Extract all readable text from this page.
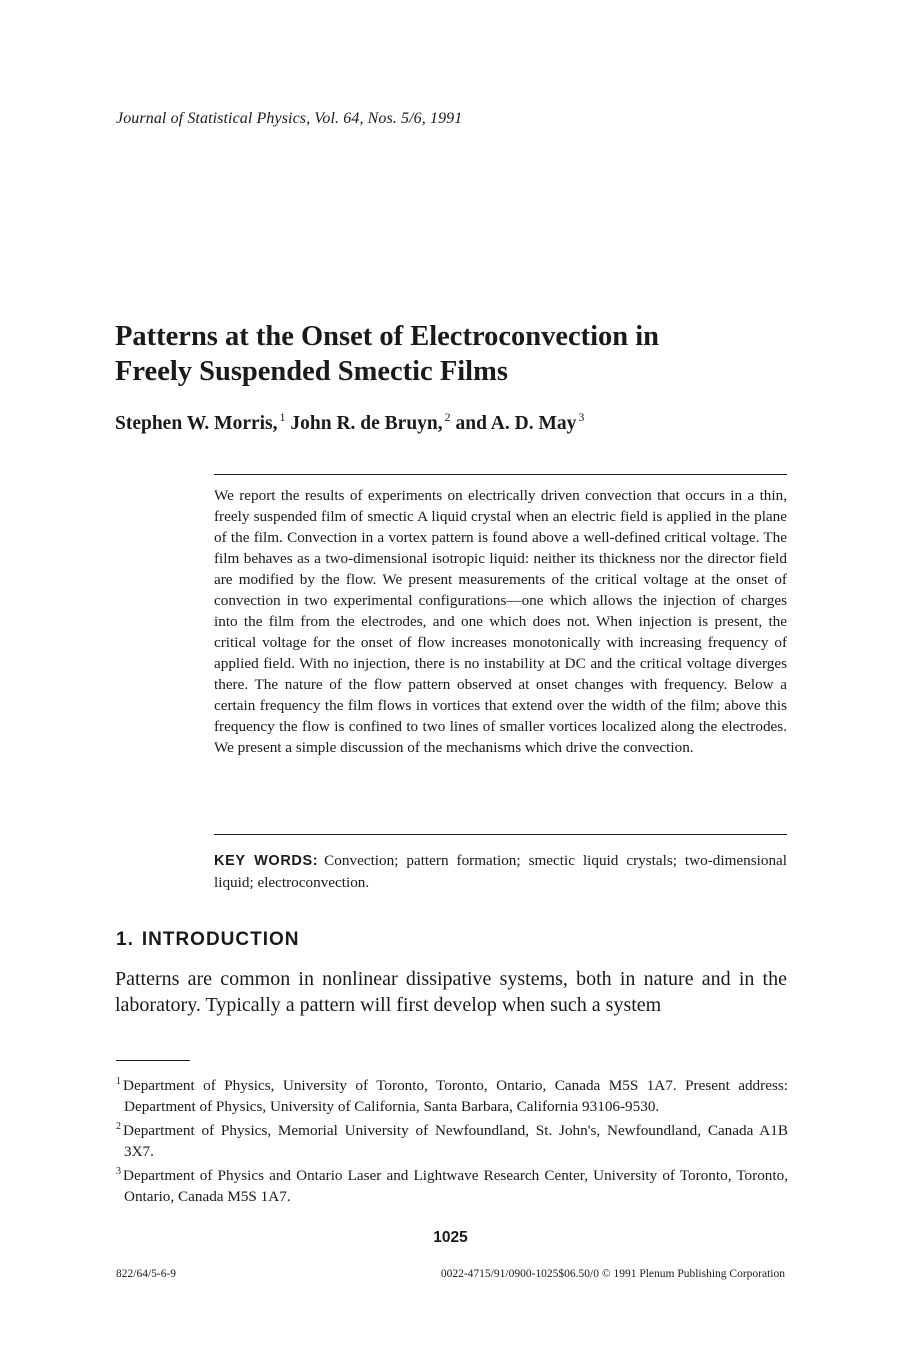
Journal of Statistical Physics, Vol. 64, Nos. 5/6, 1991
Patterns at the Onset of Electroconvection in
Freely Suspended Smectic Films
Stephen W. Morris, $^1$ John R. de Bruyn, $^2$ and A. D. May $^3$

We report the results of experiments on electrically driven convection that occurs in a thin, freely suspended film of smectic A liquid crystal when an electric field is applied in the plane of the film. Convection in a vortex pattern is found above a well-defined critical voltage. The film behaves as a two-dimensional isotropic liquid: neither its thickness nor the director field are modified by the flow. We present measurements of the critical voltage at the onset of convection in two experimental configurations—one which allows the injection of charges into the film from the electrodes, and one which does not. When injection is present, the critical voltage for the onset of flow increases monotonically with increasing frequency of applied field. With no injection, there is no instability at DC and the critical voltage diverges there. The nature of the flow pattern observed at onset changes with frequency. Below a certain frequency the film flows in vortices that extend over the width of the film; above this frequency the flow is confined to two lines of smaller vortices localized along the electrodes. We present a simple discussion of the mechanisms which drive the convection.

KEY WORDS: Convection; pattern formation; smectic liquid crystals; two-dimensional liquid; electroconvection.

1. INTRODUCTION

Patterns are common in nonlinear dissipative systems, both in nature and in the laboratory. Typically a pattern will first develop when such a system

$^1$ Department of Physics, University of Toronto, Toronto, Ontario, Canada M5S 1A7. Present address: Department of Physics, University of California, Santa Barbara, California 93106-9530.

$^2$ Department of Physics, Memorial University of Newfoundland, St. John's, Newfoundland, Canada A1B 3X7.

$^3$ Department of Physics and Ontario Laser and Lightwave Research Center, University of Toronto, Toronto, Ontario, Canada M5S 1A7.

1025
822/64/5-6-9	0022-4715/91/0900-1025$06.50/0 © 1991 Plenum Publishing Corporation
